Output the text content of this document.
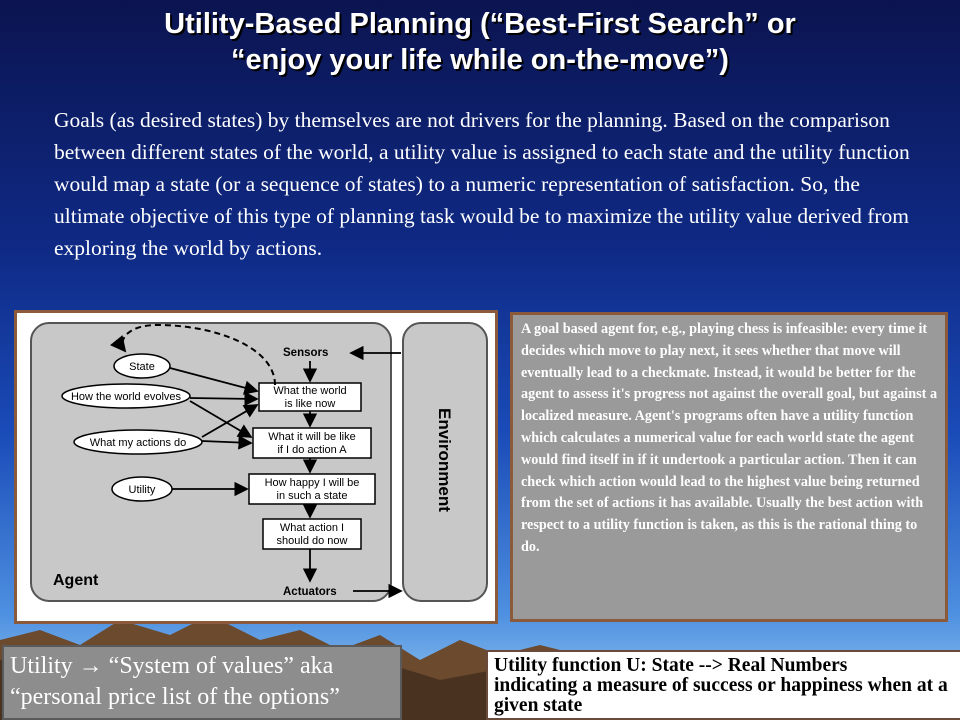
Utility-Based Planning (“Best-First Search” or
“enjoy your life while on-the-move”)
Goals (as desired states) by themselves are not drivers for the planning. Based on the comparison between different states of the world, a utility value is assigned to each state and the utility function would map a state (or a sequence of states) to a numeric representation of satisfaction. So, the ultimate objective of this type of planning task would be to maximize the utility value derived from exploring the world by actions.
Environment
Sensors
Actuators
Agent
State
How the world evolves
What my actions do
Utility
What the world
is like now
What it will be like
if I do action A
How happy I will be
in such a state
What action I
should do now
A goal based agent for, e.g., playing chess is infeasible: every time it decides which move to play next, it sees whether that move will eventually lead to a checkmate. Instead, it would be better for the agent to assess it's progress not against the overall goal, but against a localized measure. Agent's programs often have a utility function which calculates a numerical value for each world state the agent would find itself in if it undertook a particular action. Then it can check which action would lead to the highest value being returned from the set of actions it has available. Usually the best action with respect to a utility function is taken, as this is the rational thing to do.
Utility → “System of values” aka
“personal price list of the options”
Utility function U: State --> Real Numbers
indicating a measure of success or happiness when at a
given state
